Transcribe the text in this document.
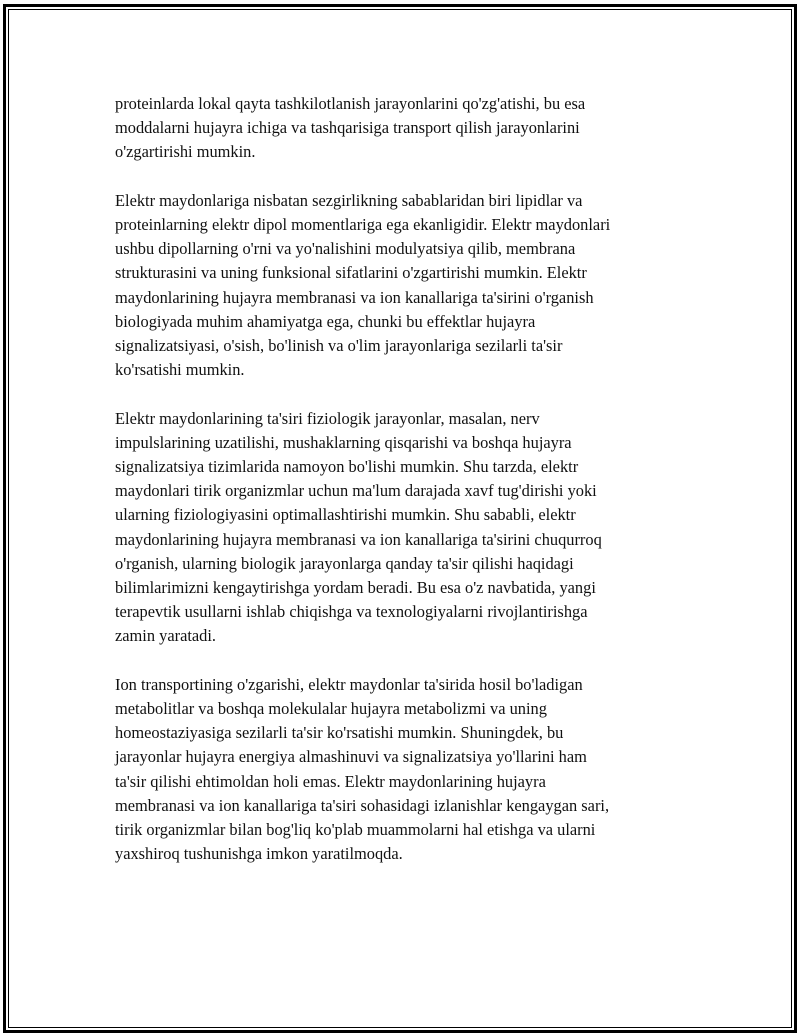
proteinlarda lokal qayta tashkilotlanish jarayonlarini qo'zg'atishi, bu esa
moddalarni hujayra ichiga va tashqarisiga transport qilish jarayonlarini
o'zgartirishi mumkin.

Elektr maydonlariga nisbatan sezgirlikning sabablaridan biri lipidlar va
proteinlarning elektr dipol momentlariga ega ekanligidir. Elektr maydonlari
ushbu dipollarning o'rni va yo'nalishini modulyatsiya qilib, membrana
strukturasini va uning funksional sifatlarini o'zgartirishi mumkin. Elektr
maydonlarining hujayra membranasi va ion kanallariga ta'sirini o'rganish
biologiyada muhim ahamiyatga ega, chunki bu effektlar hujayra
signalizatsiyasi, o'sish, bo'linish va o'lim jarayonlariga sezilarli ta'sir
ko'rsatishi mumkin.

Elektr maydonlarining ta'siri fiziologik jarayonlar, masalan, nerv
impulslarining uzatilishi, mushaklarning qisqarishi va boshqa hujayra
signalizatsiya tizimlarida namoyon bo'lishi mumkin. Shu tarzda, elektr
maydonlari tirik organizmlar uchun ma'lum darajada xavf tug'dirishi yoki
ularning fiziologiyasini optimallashtirishi mumkin. Shu sababli, elektr
maydonlarining hujayra membranasi va ion kanallariga ta'sirini chuqurroq
o'rganish, ularning biologik jarayonlarga qanday ta'sir qilishi haqidagi
bilimlarimizni kengaytirishga yordam beradi. Bu esa o'z navbatida, yangi
terapevtik usullarni ishlab chiqishga va texnologiyalarni rivojlantirishga
zamin yaratadi.

Ion transportining o'zgarishi, elektr maydonlar ta'sirida hosil bo'ladigan
metabolitlar va boshqa molekulalar hujayra metabolizmi va uning
homeostaziyasiga sezilarli ta'sir ko'rsatishi mumkin. Shuningdek, bu
jarayonlar hujayra energiya almashinuvi va signalizatsiya yo'llarini ham
ta'sir qilishi ehtimoldan holi emas. Elektr maydonlarining hujayra
membranasi va ion kanallariga ta'siri sohasidagi izlanishlar kengaygan sari,
tirik organizmlar bilan bog'liq ko'plab muammolarni hal etishga va ularni
yaxshiroq tushunishga imkon yaratilmoqda.
